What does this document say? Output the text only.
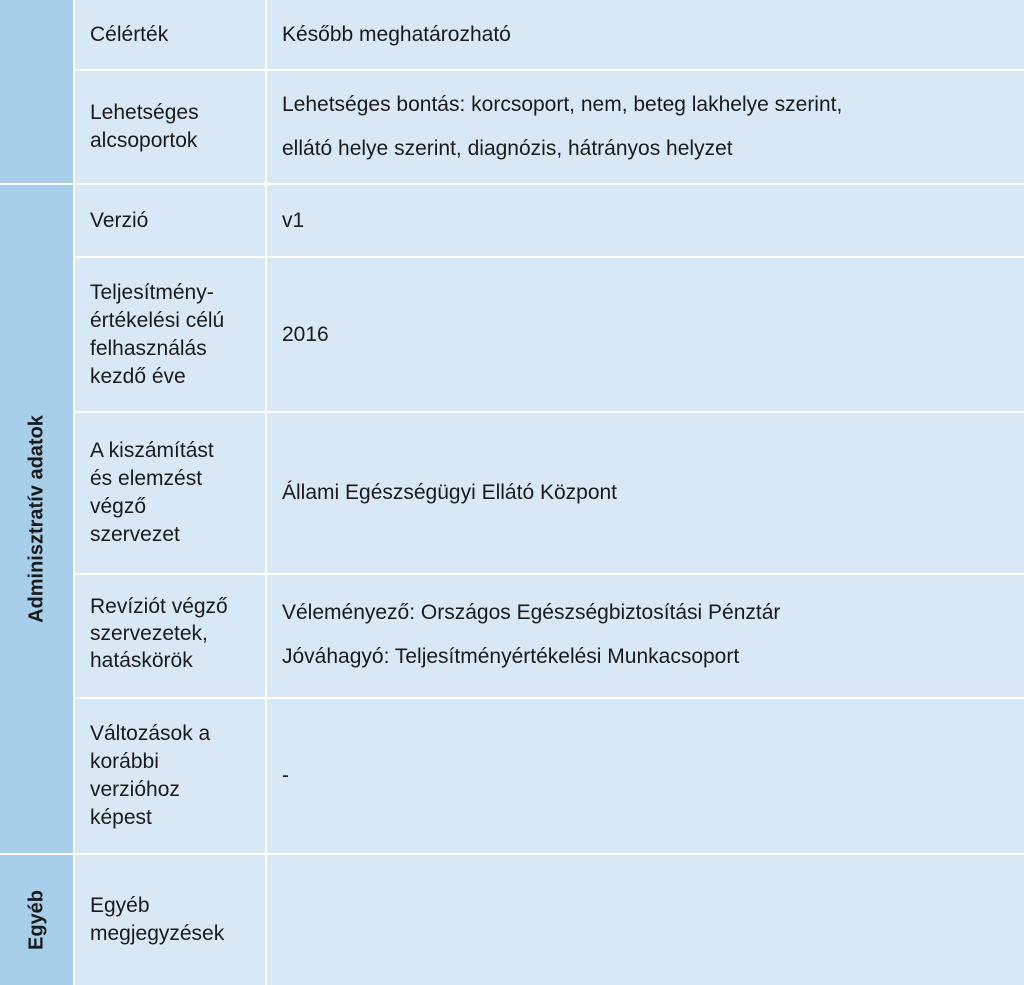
Adminisztratív adatok
Egyéb
Célérték	Később meghatározható
Lehetséges
alcsoportok
Lehetséges bontás: korcsoport, nem, beteg lakhelye szerint,
ellátó helye szerint, diagnózis, hátrányos helyzet
Verzió	v1
Teljesítmény-
értékelési célú
felhasználás
kezdő éve
2016
A kiszámítást
és elemzést
végző
szervezet
Állami Egészségügyi Ellátó Központ
Revíziót végző
szervezetek,
hatáskörök
Véleményező: Országos Egészségbiztosítási Pénztár
Jóváhagyó: Teljesítményértékelési Munkacsoport
Változások a
korábbi
verzióhoz
képest
-
Egyéb
megjegyzések
